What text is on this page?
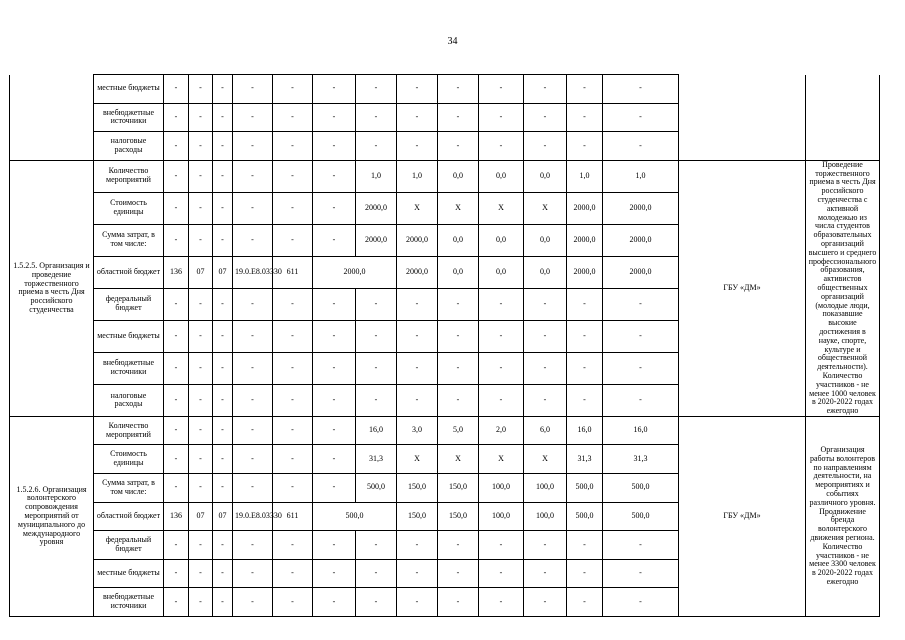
34
	местные бюджеты	-	-	-	-	-	-	-	-	-	-	-	-	-		
	внебюджетные источники	-	-	-	-	-	-	-	-	-	-	-	-	-		
	налоговые расходы	-	-	-	-	-	-	-	-	-	-	-	-	-		
1.5.2.5. Организация и проведение торжественного приема в честь Дня российского студенчества	Количество мероприятий	-	-	-	-	-	-	1,0	1,0	0,0	0,0	0,0	1,0	1,0	ГБУ «ДМ»	Проведение торжественного приема в честь Дня российского студенчества с активной молодежью из числа студентов образовательных организаций высшего и среднего профессионального образования, активистов общественных организаций (молодые люди, показавшие высокие достижения в науке, спорте, культуре и общественной деятельности). Количество участников - не менее 1000 человек в 2020-2022 годах ежегодно
	Стоимость единицы	-	-	-	-	-	-	2000,0	X	X	X	X	2000,0	2000,0		
	Сумма затрат, в том числе:	-	-	-	-	-	-	2000,0	2000,0	0,0	0,0	0,0	2000,0	2000,0		
	областной бюджет	136	07	07	19.0.E8.03330	611	2000,0		2000,0	0,0	0,0	0,0	2000,0	2000,0		
	федеральный бюджет	-	-	-	-	-	-	-	-	-	-	-	-	-		
	местные бюджеты	-	-	-	-	-	-	-	-	-	-	-	-	-		
	внебюджетные источники	-	-	-	-	-	-	-	-	-	-	-	-	-		
	налоговые расходы	-	-	-	-	-	-	-	-	-	-	-	-	-		
1.5.2.6. Организация волонтерского сопровождения мероприятий от муниципального до международного уровня	Количество мероприятий	-	-	-	-	-	-	16,0	3,0	5,0	2,0	6,0	16,0	16,0	ГБУ «ДМ»	Организация работы волонтеров по направлениям деятельности, на мероприятиях и событиях различного уровня. Продвижение бренда волонтерского движения региона. Количество участников - не менее 3300 человек в 2020-2022 годах ежегодно
	Стоимость единицы	-	-	-	-	-	-	31,3	X	X	X	X	31,3	31,3		
	Сумма затрат, в том числе:	-	-	-	-	-	-	500,0	150,0	150,0	100,0	100,0	500,0	500,0		
	областной бюджет	136	07	07	19.0.E8.03330	611	500,0		150,0	150,0	100,0	100,0	500,0	500,0		
	федеральный бюджет	-	-	-	-	-	-	-	-	-	-	-	-	-		
	местные бюджеты	-	-	-	-	-	-	-	-	-	-	-	-	-		
	внебюджетные источники	-	-	-	-	-	-	-	-	-	-	-	-	-		
